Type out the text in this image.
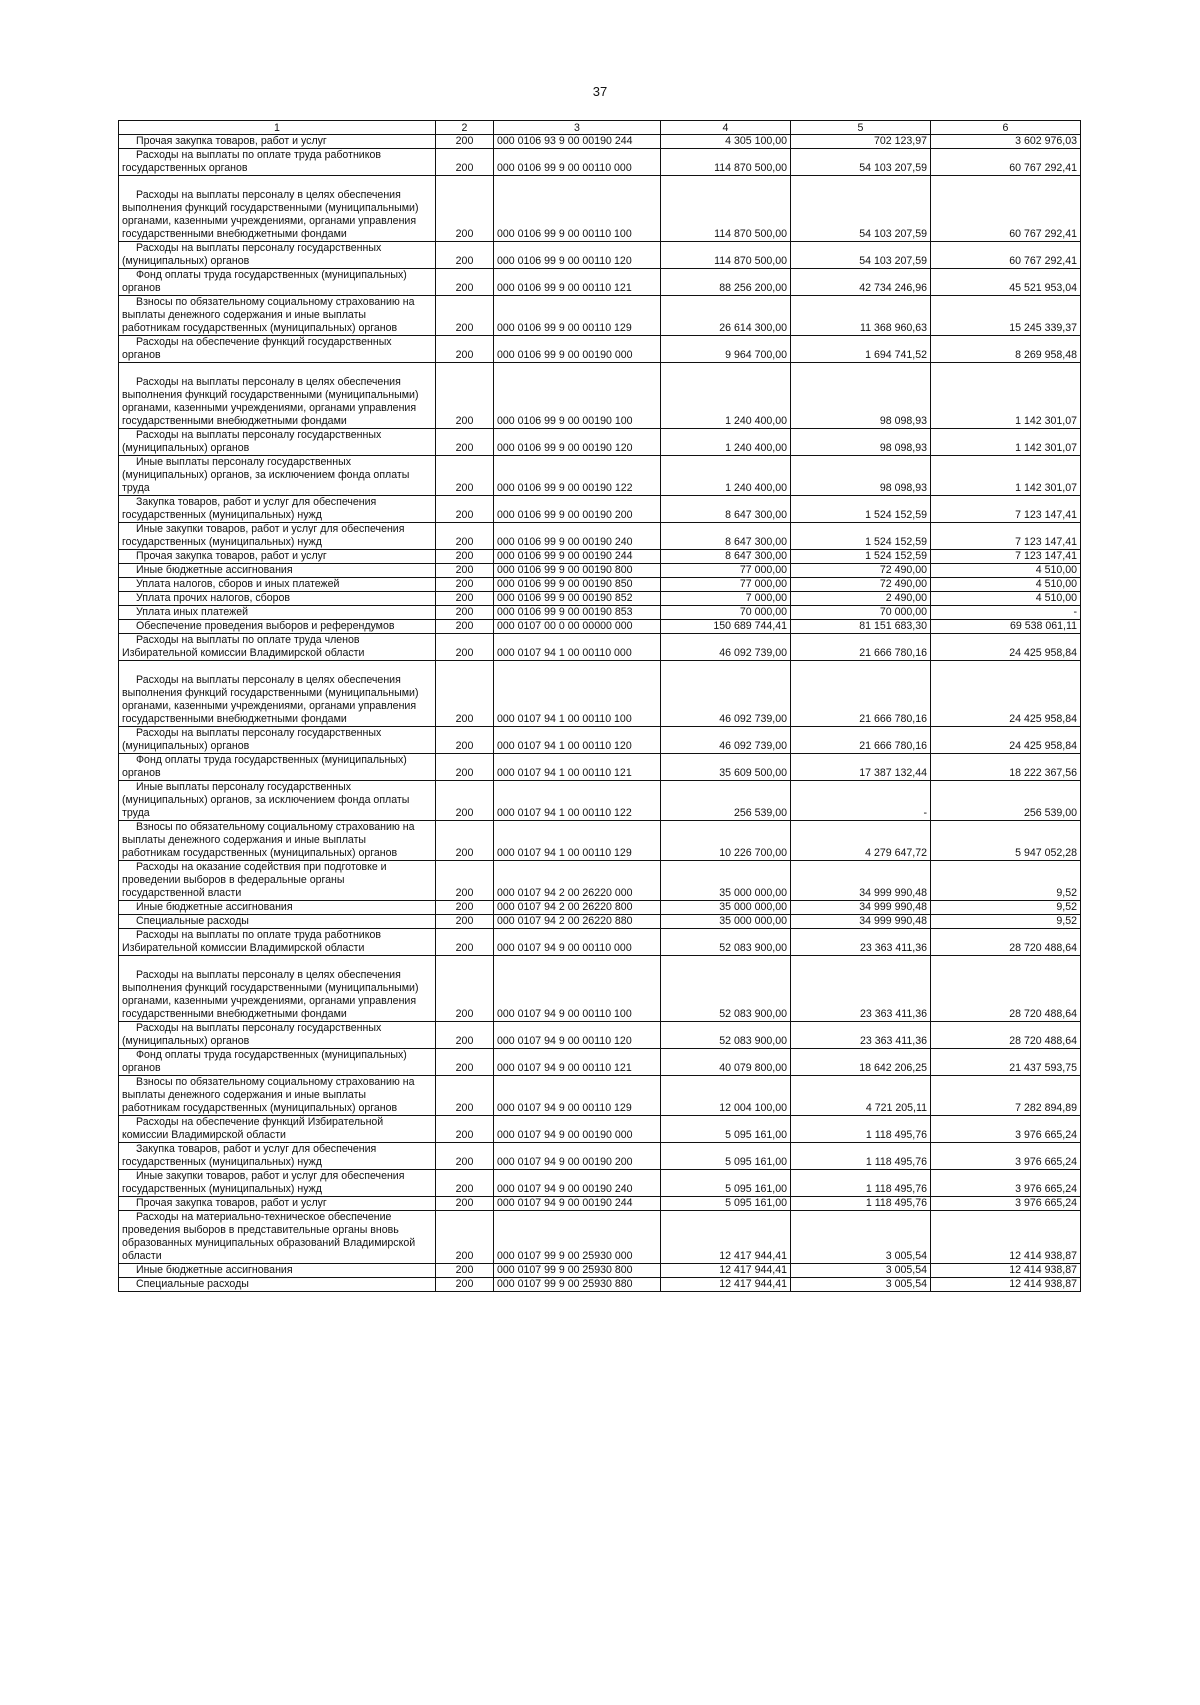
37
1	2	3	4	5	6

Прочая закупка товаров, работ и услуг	200	000 0106 93 9 00 00190 244	4 305 100,00	702 123,97	3 602 976,03

Расходы на выплаты по оплате труда работников
государственных органов	200	000 0106 99 9 00 00110 000	114 870 500,00	54 103 207,59	60 767 292,41

Расходы на выплаты персоналу в целях обеспечения
выполнения функций государственными (муниципальными)
органами, казенными учреждениями, органами управления
государственными внебюджетными фондами	200	000 0106 99 9 00 00110 100	114 870 500,00	54 103 207,59	60 767 292,41

Расходы на выплаты персоналу государственных
(муниципальных) органов	200	000 0106 99 9 00 00110 120	114 870 500,00	54 103 207,59	60 767 292,41

Фонд оплаты труда государственных (муниципальных)
органов	200	000 0106 99 9 00 00110 121	88 256 200,00	42 734 246,96	45 521 953,04

Взносы по обязательному социальному страхованию на
выплаты денежного содержания и иные выплаты
работникам государственных (муниципальных) органов	200	000 0106 99 9 00 00110 129	26 614 300,00	11 368 960,63	15 245 339,37

Расходы на обеспечение функций государственных
органов	200	000 0106 99 9 00 00190 000	9 964 700,00	1 694 741,52	8 269 958,48

Расходы на выплаты персоналу в целях обеспечения
выполнения функций государственными (муниципальными)
органами, казенными учреждениями, органами управления
государственными внебюджетными фондами	200	000 0106 99 9 00 00190 100	1 240 400,00	98 098,93	1 142 301,07

Расходы на выплаты персоналу государственных
(муниципальных) органов	200	000 0106 99 9 00 00190 120	1 240 400,00	98 098,93	1 142 301,07

Иные выплаты персоналу государственных
(муниципальных) органов, за исключением фонда оплаты
труда	200	000 0106 99 9 00 00190 122	1 240 400,00	98 098,93	1 142 301,07

Закупка товаров, работ и услуг для обеспечения
государственных (муниципальных) нужд	200	000 0106 99 9 00 00190 200	8 647 300,00	1 524 152,59	7 123 147,41

Иные закупки товаров, работ и услуг для обеспечения
государственных (муниципальных) нужд	200	000 0106 99 9 00 00190 240	8 647 300,00	1 524 152,59	7 123 147,41

Прочая закупка товаров, работ и услуг	200	000 0106 99 9 00 00190 244	8 647 300,00	1 524 152,59	7 123 147,41

Иные бюджетные ассигнования	200	000 0106 99 9 00 00190 800	77 000,00	72 490,00	4 510,00

Уплата налогов, сборов и иных платежей	200	000 0106 99 9 00 00190 850	77 000,00	72 490,00	4 510,00

Уплата прочих налогов, сборов	200	000 0106 99 9 00 00190 852	7 000,00	2 490,00	4 510,00

Уплата иных платежей	200	000 0106 99 9 00 00190 853	70 000,00	70 000,00	-

Обеспечение проведения выборов и референдумов	200	000 0107 00 0 00 00000 000	150 689 744,41	81 151 683,30	69 538 061,11

Расходы на выплаты по оплате труда членов
Избирательной комиссии Владимирской области	200	000 0107 94 1 00 00110 000	46 092 739,00	21 666 780,16	24 425 958,84

Расходы на выплаты персоналу в целях обеспечения
выполнения функций государственными (муниципальными)
органами, казенными учреждениями, органами управления
государственными внебюджетными фондами	200	000 0107 94 1 00 00110 100	46 092 739,00	21 666 780,16	24 425 958,84

Расходы на выплаты персоналу государственных
(муниципальных) органов	200	000 0107 94 1 00 00110 120	46 092 739,00	21 666 780,16	24 425 958,84

Фонд оплаты труда государственных (муниципальных)
органов	200	000 0107 94 1 00 00110 121	35 609 500,00	17 387 132,44	18 222 367,56

Иные выплаты персоналу государственных
(муниципальных) органов, за исключением фонда оплаты
труда	200	000 0107 94 1 00 00110 122	256 539,00	-	256 539,00

Взносы по обязательному социальному страхованию на
выплаты денежного содержания и иные выплаты
работникам государственных (муниципальных) органов	200	000 0107 94 1 00 00110 129	10 226 700,00	4 279 647,72	5 947 052,28

Расходы на оказание содействия при подготовке и
проведении выборов в федеральные органы
государственной власти	200	000 0107 94 2 00 26220 000	35 000 000,00	34 999 990,48	9,52

Иные бюджетные ассигнования	200	000 0107 94 2 00 26220 800	35 000 000,00	34 999 990,48	9,52

Специальные расходы	200	000 0107 94 2 00 26220 880	35 000 000,00	34 999 990,48	9,52

Расходы на выплаты по оплате труда работников
Избирательной комиссии Владимирской области	200	000 0107 94 9 00 00110 000	52 083 900,00	23 363 411,36	28 720 488,64

Расходы на выплаты персоналу в целях обеспечения
выполнения функций государственными (муниципальными)
органами, казенными учреждениями, органами управления
государственными внебюджетными фондами	200	000 0107 94 9 00 00110 100	52 083 900,00	23 363 411,36	28 720 488,64

Расходы на выплаты персоналу государственных
(муниципальных) органов	200	000 0107 94 9 00 00110 120	52 083 900,00	23 363 411,36	28 720 488,64

Фонд оплаты труда государственных (муниципальных)
органов	200	000 0107 94 9 00 00110 121	40 079 800,00	18 642 206,25	21 437 593,75

Взносы по обязательному социальному страхованию на
выплаты денежного содержания и иные выплаты
работникам государственных (муниципальных) органов	200	000 0107 94 9 00 00110 129	12 004 100,00	4 721 205,11	7 282 894,89

Расходы на обеспечение функций Избирательной
комиссии Владимирской области	200	000 0107 94 9 00 00190 000	5 095 161,00	1 118 495,76	3 976 665,24

Закупка товаров, работ и услуг для обеспечения
государственных (муниципальных) нужд	200	000 0107 94 9 00 00190 200	5 095 161,00	1 118 495,76	3 976 665,24

Иные закупки товаров, работ и услуг для обеспечения
государственных (муниципальных) нужд	200	000 0107 94 9 00 00190 240	5 095 161,00	1 118 495,76	3 976 665,24

Прочая закупка товаров, работ и услуг	200	000 0107 94 9 00 00190 244	5 095 161,00	1 118 495,76	3 976 665,24

Расходы на материально-техническое обеспечение
проведения выборов в представительные органы вновь
образованных муниципальных образований Владимирской
области	200	000 0107 99 9 00 25930 000	12 417 944,41	3 005,54	12 414 938,87

Иные бюджетные ассигнования	200	000 0107 99 9 00 25930 800	12 417 944,41	3 005,54	12 414 938,87

Специальные расходы	200	000 0107 99 9 00 25930 880	12 417 944,41	3 005,54	12 414 938,87
